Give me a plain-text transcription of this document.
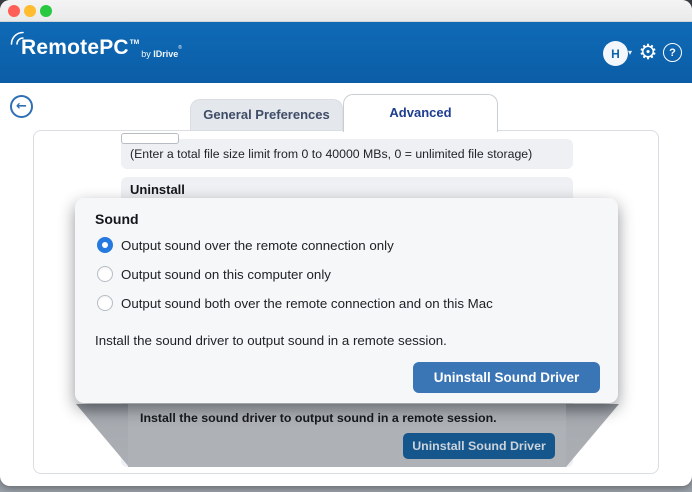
RemotePC™by IDrive®	H
▾
⚙
?
←
General Preferences	Advanced
(Enter a total file size limit from 0 to 40000 MBs, 0 = unlimited file storage)
Uninstall
Install the sound driver to output sound in a remote session.
Uninstall Sound Driver
Sound
Output sound over the remote connection only
Output sound on this computer only
Output sound both over the remote connection and on this Mac
Install the sound driver to output sound in a remote session.
Uninstall Sound Driver
